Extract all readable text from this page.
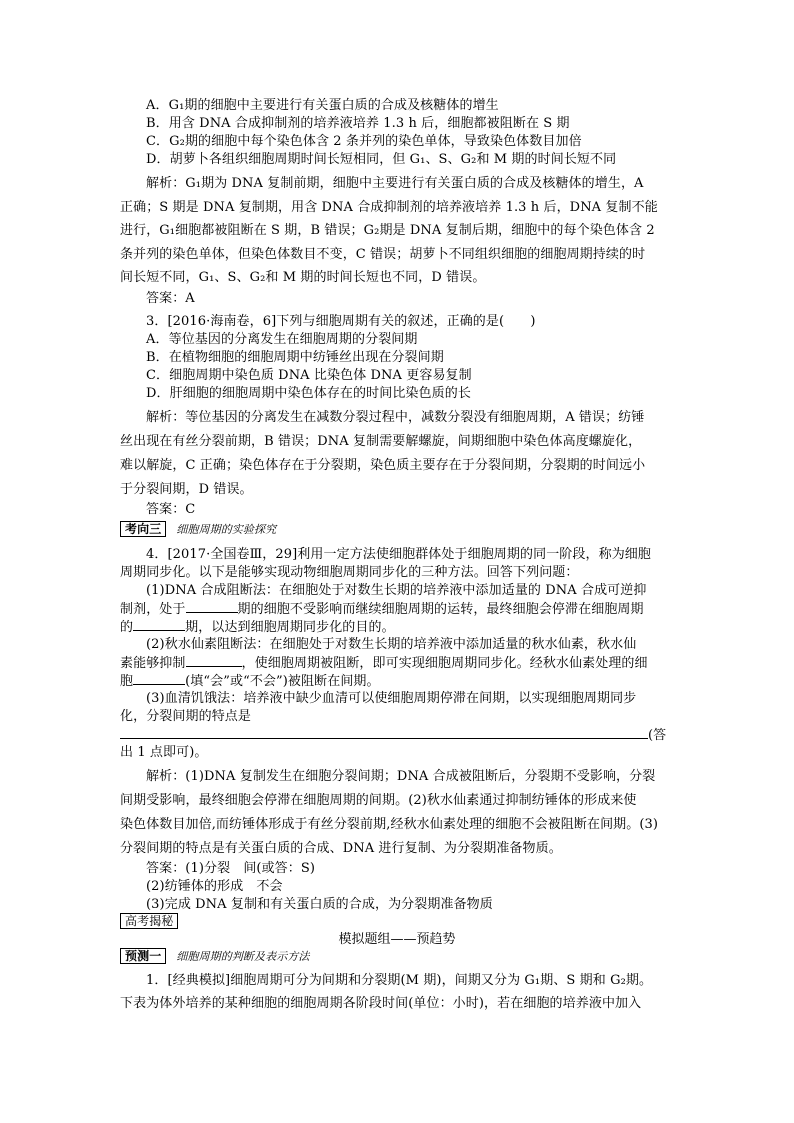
A．G₁期的细胞中主要进行有关蛋白质的合成及核糖体的增生
B．用含 DNA 合成抑制剂的培养液培养 1.3 h 后，细胞都被阻断在 S 期
C．G₂期的细胞中每个染色体含 2 条并列的染色单体，导致染色体数目加倍
D．胡萝卜各组织细胞周期时间长短相同，但 G₁、S、G₂和 M 期的时间长短不同
解析：G₁期为 DNA 复制前期，细胞中主要进行有关蛋白质的合成及核糖体的增生，A
正确；S 期是 DNA 复制期，用含 DNA 合成抑制剂的培养液培养 1.3 h 后，DNA 复制不能
进行，G₁细胞都被阻断在 S 期，B 错误；G₂期是 DNA 复制后期，细胞中的每个染色体含 2
条并列的染色单体，但染色体数目不变，C 错误；胡萝卜不同组织细胞的细胞周期持续的时
间长短不同，G₁、S、G₂和 M 期的时间长短也不同，D 错误。
答案：A
3．[2016·海南卷，6]下列与细胞周期有关的叙述，正确的是(　　)
A．等位基因的分离发生在细胞周期的分裂间期
B．在植物细胞的细胞周期中纺锤丝出现在分裂间期
C．细胞周期中染色质 DNA 比染色体 DNA 更容易复制
D．肝细胞的细胞周期中染色体存在的时间比染色质的长
解析：等位基因的分离发生在减数分裂过程中，减数分裂没有细胞周期，A 错误；纺锤
丝出现在有丝分裂前期，B 错误；DNA 复制需要解螺旋，间期细胞中染色体高度螺旋化，
难以解旋，C 正确；染色体存在于分裂期，染色质主要存在于分裂间期，分裂期的时间远小
于分裂间期，D 错误。
答案：C
考向三 细胞周期的实验探究
4．[2017·全国卷Ⅲ，29]利用一定方法使细胞群体处于细胞周期的同一阶段，称为细胞
周期同步化。以下是能够实现动物细胞周期同步化的三种方法。回答下列问题：
(1)DNA 合成阻断法：在细胞处于对数生长期的培养液中添加适量的 DNA 合成可逆抑
制剂，处于	期的细胞不受影响而继续细胞周期的运转，最终细胞会停滞在细胞周期
的	期，以达到细胞周期同步化的目的。
(2)秋水仙素阻断法：在细胞处于对数生长期的培养液中添加适量的秋水仙素，秋水仙
素能够抑制	，使细胞周期被阻断，即可实现细胞周期同步化。经秋水仙素处理的细
胞	(填“会”或“不会”)被阻断在间期。
(3)血清饥饿法：培养液中缺少血清可以使细胞周期停滞在间期，以实现细胞周期同步
化，分裂间期的特点是
(答
出 1 点即可)。
解析：(1)DNA 复制发生在细胞分裂间期；DNA 合成被阻断后，分裂期不受影响，分裂
间期受影响，最终细胞会停滞在细胞周期的间期。(2)秋水仙素通过抑制纺锤体的形成来使
染色体数目加倍,而纺锤体形成于有丝分裂前期,经秋水仙素处理的细胞不会被阻断在间期。(3)
分裂间期的特点是有关蛋白质的合成、DNA 进行复制、为分裂期准备物质。
答案：(1)分裂　间(或答：S)
(2)纺锤体的形成　不会
(3)完成 DNA 复制和有关蛋白质的合成，为分裂期准备物质
高考揭秘
模拟题组——预趋势
预测一 细胞周期的判断及表示方法
1．[经典模拟]细胞周期可分为间期和分裂期(M 期)，间期又分为 G₁期、S 期和 G₂期。
下表为体外培养的某种细胞的细胞周期各阶段时间(单位：小时)，若在细胞的培养液中加入
